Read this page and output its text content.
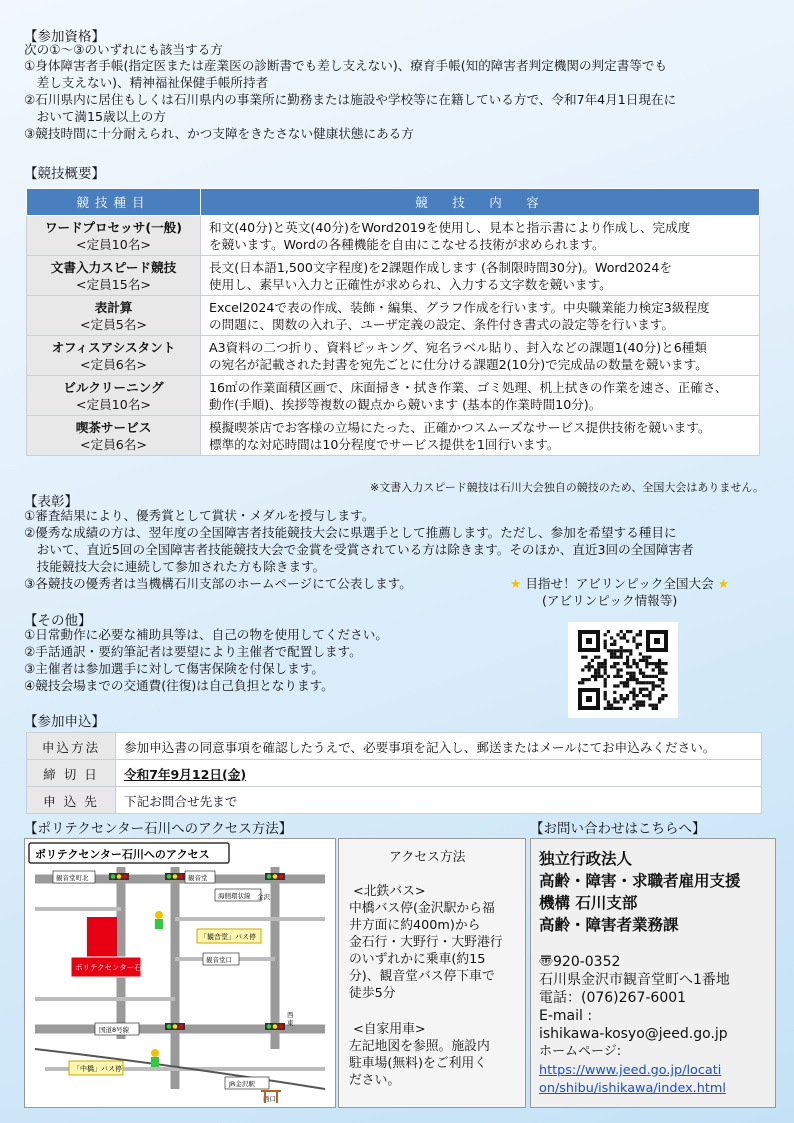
【参加資格】
次の①～③のいずれにも該当する方
①身体障害者手帳(指定医または産業医の診断書でも差し支えない)、療育手帳(知的障害者判定機関の判定書等でも
　差し支えない)、精神福祉保健手帳所持者
②石川県内に居住もしくは石川県内の事業所に勤務または施設や学校等に在籍している方で、令和7年4月1日現在に
　おいて満15歳以上の方
③競技時間に十分耐えられ、かつ支障をきたさない健康状態にある方
【競技概要】
競技種目	競　技　内　容
ワードプロセッサ(一般)
<定員10名>	和文(40分)と英文(40分)をWord2019を使用し、見本と指示書により作成し、完成度
を競います。Wordの各種機能を自由にこなせる技術が求められます。
文書入力スピード競技
<定員15名>	長文(日本語1,500文字程度)を2課題作成します (各制限時間30分)。Word2024を
使用し、素早い入力と正確性が求められ、入力する文字数を競います。
表計算
<定員5名>	Excel2024で表の作成、装飾・編集、グラフ作成を行います。中央職業能力検定3級程度
の問題に、関数の入れ子、ユーザ定義の設定、条件付き書式の設定等を行います。
オフィスアシスタント
<定員6名>	A3資料の二つ折り、資料ピッキング、宛名ラベル貼り、封入などの課題1(40分)と6種類
の宛名が記載された封書を宛先ごとに仕分ける課題2(10分)で完成品の数量を競います。
ビルクリーニング
<定員10名>	16㎡の作業面積区画で、床面掃き・拭き作業、ゴミ処理、机上拭きの作業を速さ、正確さ、
動作(手順)、挨拶等複数の観点から競います (基本的作業時間10分)。
喫茶サービス
<定員6名>	模擬喫茶店でお客様の立場にたった、正確かつスムーズなサービス提供技術を競います。
標準的な対応時間は10分程度でサービス提供を1回行います。
※文書入力スピード競技は石川大会独自の競技のため、全国大会はありません。
【表彰】
①審査結果により、優秀賞として賞状・メダルを授与します。
②優秀な成績の方は、翌年度の全国障害者技能競技大会に県選手として推薦します。ただし、参加を希望する種目に
　おいて、直近5回の全国障害者技能競技大会で金賞を受賞されている方は除きます。そのほか、直近3回の全国障害者
　技能競技大会に連続して参加された方も除きます。
③各競技の優秀者は当機構石川支部のホームページにて公表します。	★ 目指せ！アビリンピック全国大会 ★
(アビリンピック情報等)
【その他】
①日常動作に必要な補助具等は、自己の物を使用してください。
②手話通訳・要約筆記者は要望により主催者で配置します。
③主催者は参加選手に対して傷害保険を付保します。
④競技会場までの交通費(往復)は自己負担となります。
【参加申込】
申込方法	参加申込書の同意事項を確認したうえで、必要事項を記入し、郵送またはメールにてお申込みください。
締 切 日	令和7年9月12日(金)
申 込 先	下記お問合せ先まで
【ポリテクセンター石川へのアクセス方法】	【お問い合わせはこちらへ】
ポリテクセンター石川へのアクセス
ポリテクセンター石川
「観音堂」バス停
「中橋」バス停
観音堂町北	観音堂
海側環状線
観音堂口
西
東
金沢
国道8号線
JR金沢駅
西口
アクセス方法
<北鉄バス>
中橋バス停(金沢駅から福
井方面に約400m)から
金石行・大野行・大野港行
のいずれかに乗車(約15
分)、観音堂バス停下車で
徒歩5分
<自家用車>
左記地図を参照。施設内
駐車場(無料)をご利用く
ださい。
独立行政法人
高齢・障害・求職者雇用支援
機構 石川支部
高齢・障害者業務課
〠920-0352
石川県金沢市観音堂町へ1番地
電話：(076)267-6001
E-mail :
ishikawa-kosyo@jeed.go.jp
ホームページ:
https://www.jeed.go.jp/locati
on/shibu/ishikawa/index.html
